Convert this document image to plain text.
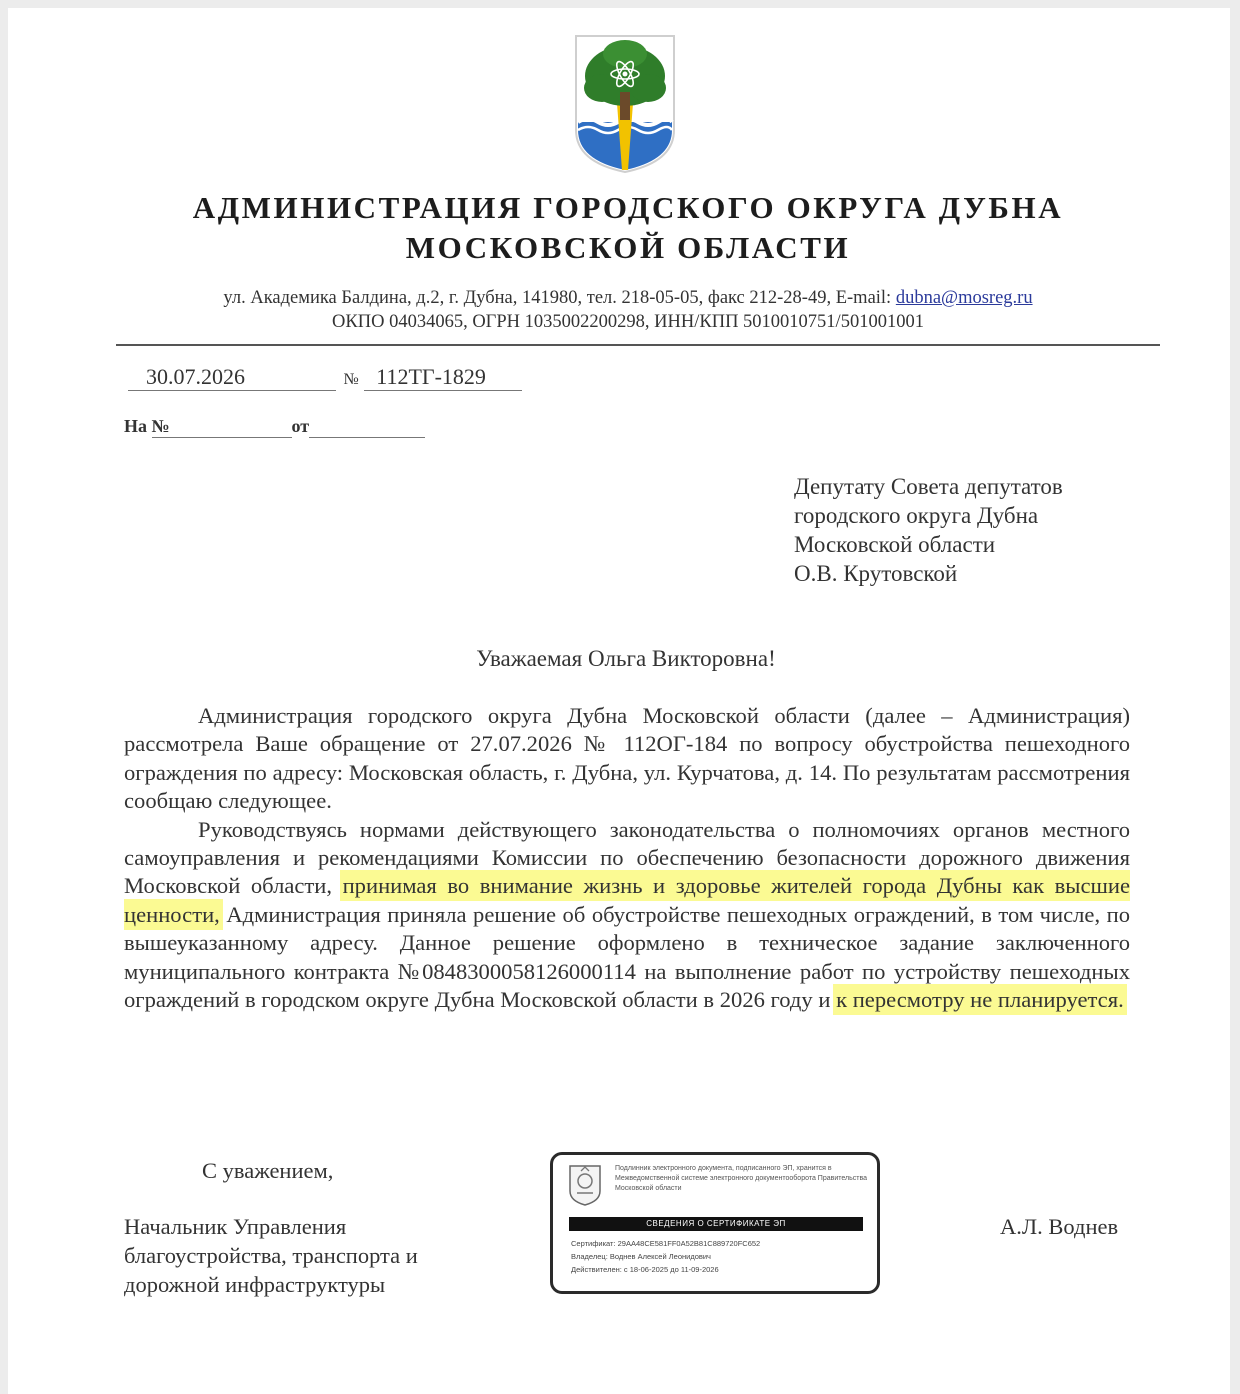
АДМИНИСТРАЦИЯ ГОРОДСКОГО ОКРУГА ДУБНА
МОСКОВСКОЙ ОБЛАСТИ
ул. Академика Балдина, д.2, г. Дубна, 141980, тел. 218-05-05, факс 212-28-49, E-mail: dubna@mosreg.ru
ОКПО 04034065, ОГРН 1035002200298, ИНН/КПП 5010010751/501001001
30.07.2026	№ 112ТГ-1829
На №	от
Депутату Совета депутатов
городского округа Дубна
Московской области
О.В. Крутовской
Уважаемая Ольга Викторовна!

Администрация городского округа Дубна Московской области (далее – Администрация) рассмотрела Ваше обращение от 27.07.2026 № 112ОГ-184 по вопросу обустройства пешеходного ограждения по адресу: Московская область, г. Дубна, ул. Курчатова, д. 14. По результатам рассмотрения сообщаю следующее.

Руководствуясь нормами действующего законодательства о полномочиях органов местного самоуправления и рекомендациями Комиссии по обеспечению безопасности дорожного движения Московской области, принимая во внимание жизнь и здоровье жителей города Дубны как высшие ценности, Администрация приняла решение об обустройстве пешеходных ограждений, в том числе, по вышеуказанному адресу. Данное решение оформлено в техническое задание заключенного муниципального контракта №0848300058126000114 на выполнение работ по устройству пешеходных ограждений в городском округе Дубна Московской области в 2026 году и к пересмотру не планируется.

С уважением,
Начальник Управления
благоустройства, транспорта и
дорожной инфраструктуры
А.Л. Воднев
Подлинник электронного документа, подписанного ЭП, хранится в Межведомственной системе электронного документооборота Правительства Московской области
СВЕДЕНИЯ О СЕРТИФИКАТЕ ЭП
Сертификат: 29AA48CE581FF0A52B81C889720FC652
Владелец: Воднев Алексей Леонидович
Действителен: с 18-06-2025 до 11-09-2026
